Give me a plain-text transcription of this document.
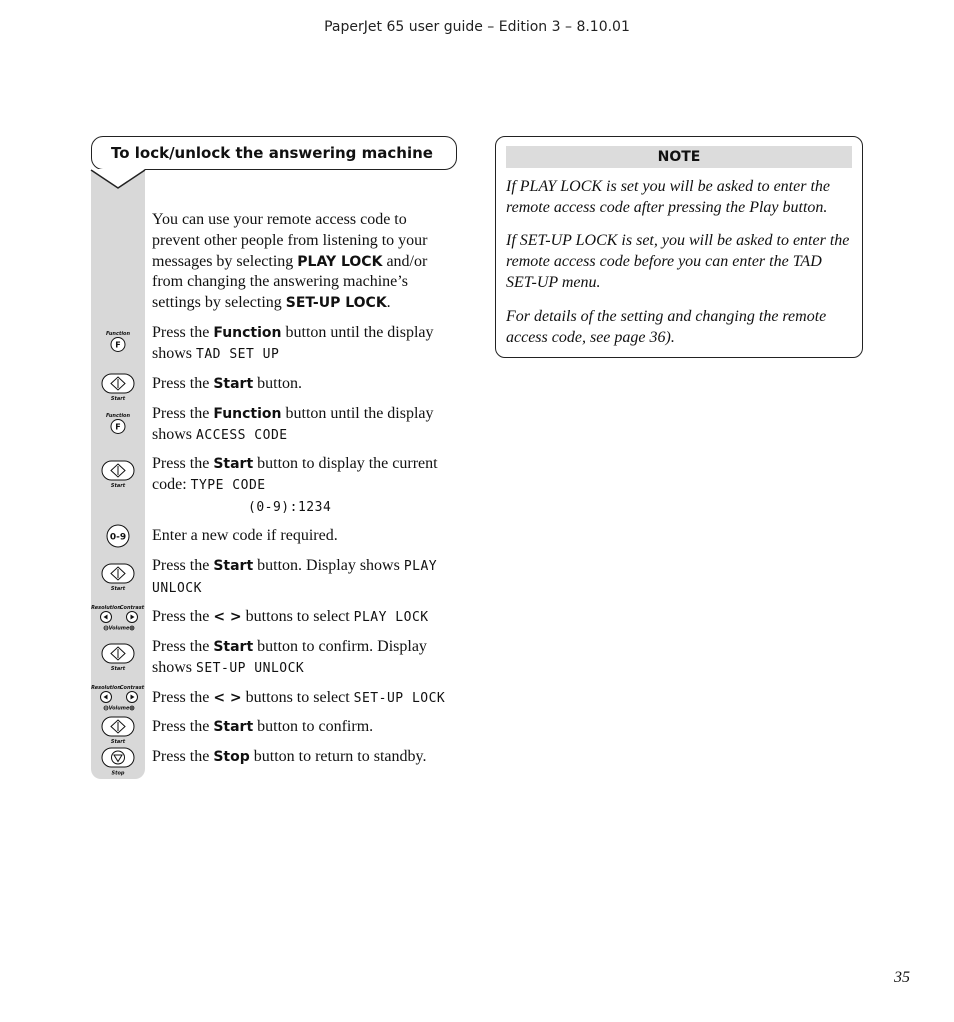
PaperJet 65 user guide – Edition 3 – 8.10.01
To lock/unlock the answering machine
You can use your remote access code to prevent other people from listening to your messages by selecting PLAY LOCK and/or from changing the answering machine’s settings by selecting SET-UP LOCK.
Press the Function button until the display shows TAD SET UP
Press the Start button.
Press the Function button until the display shows ACCESS CODE
Press the Start button to display the current code: TYPE CODE
(0-9):1234
Enter a new code if required.
Press the Start button. Display shows PLAY UNLOCK
Press the < > buttons to select PLAY LOCK
Press the Start button to confirm. Display shows SET-UP UNLOCK
Press the < > buttons to select SET-UP LOCK
Press the Start button to confirm.
Press the Stop button to return to standby.
Function
F
Start
Function
F
Start
0-9
Start
Resolution
Contrast
Volume
Start
Resolution
Contrast
Volume
Start
Stop
NOTE
If PLAY LOCK is set you will be asked to enter the remote access code after pressing the Play button.
If SET-UP LOCK is set, you will be asked to enter the remote access code before you can enter the TAD SET-UP menu.
For details of the setting and changing the remote access code, see page 36).
35
